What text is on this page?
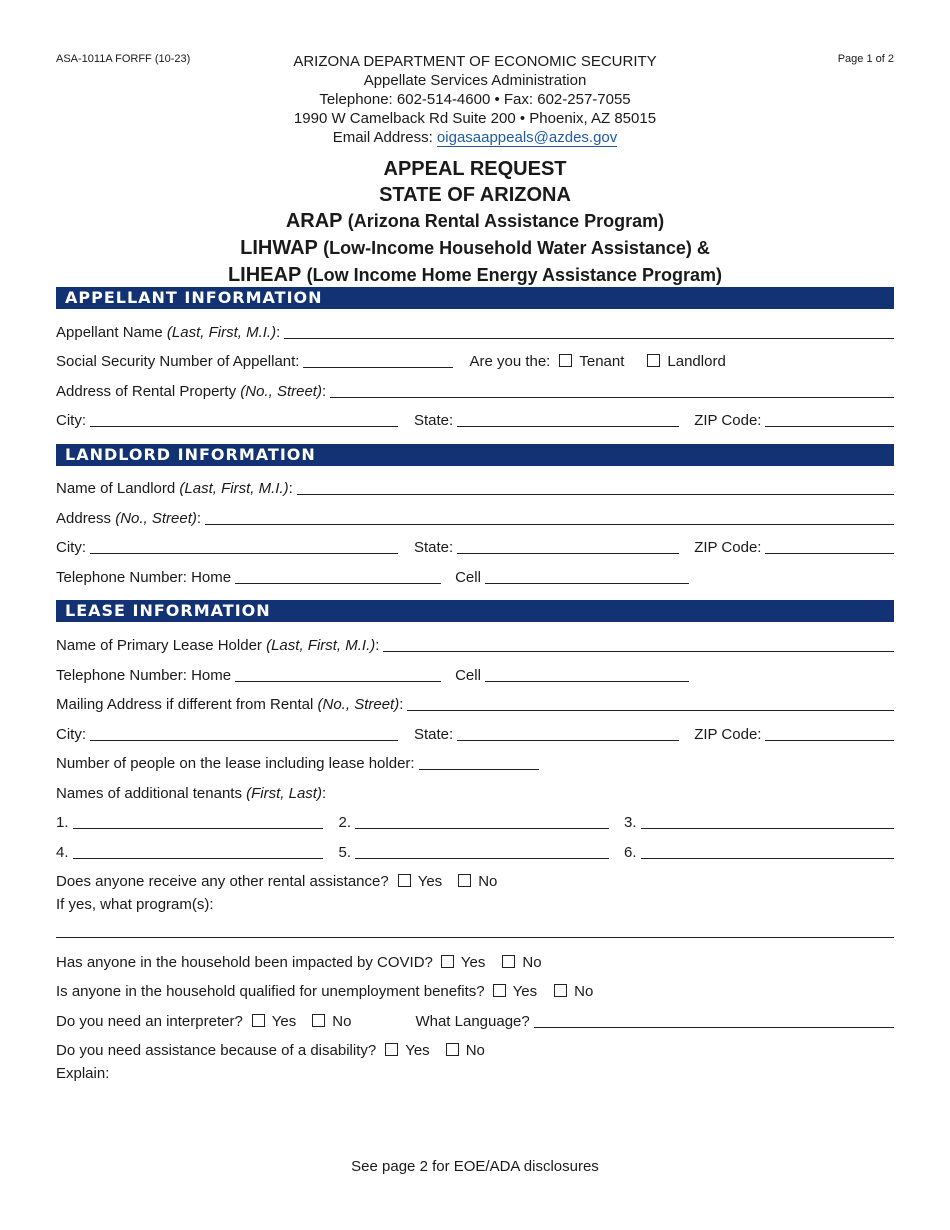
ASA-1011A FORFF (10-23)	Page 1 of 2
ARIZONA DEPARTMENT OF ECONOMIC SECURITY
Appellate Services Administration
Telephone: 602-514-4600 • Fax: 602-257-7055
1990 W Camelback Rd Suite 200 • Phoenix, AZ 85015
Email Address: oigasaappeals@azdes.gov
APPEAL REQUEST
STATE OF ARIZONA
ARAP (Arizona Rental Assistance Program)
LIHWAP (Low-Income Household Water Assistance) &
LIHEAP (Low Income Home Energy Assistance Program)
APPELLANT INFORMATION
Appellant Name (Last, First, M.I.):
Social Security Number of Appellant:	Are you the:	Tenant	Landlord
Address of Rental Property (No., Street):
City:	State:	ZIP Code:
LANDLORD INFORMATION
Name of Landlord (Last, First, M.I.):
Address (No., Street):
City:	State:	ZIP Code:
Telephone Number: Home	Cell
LEASE INFORMATION
Name of Primary Lease Holder (Last, First, M.I.):
Telephone Number: Home	Cell
Mailing Address if different from Rental (No., Street):
City:	State:	ZIP Code:
Number of people on the lease including lease holder:
Names of additional tenants (First, Last):
1.	2.	3.
4.	5.	6.
Does anyone receive any other rental assistance?	Yes	No
If yes, what program(s):
Has anyone in the household been impacted by COVID?	Yes	No
Is anyone in the household qualified for unemployment benefits?	Yes	No
Do you need an interpreter?	Yes	No	What Language?
Do you need assistance because of a disability?	Yes	No
Explain:
See page 2 for EOE/ADA disclosures
